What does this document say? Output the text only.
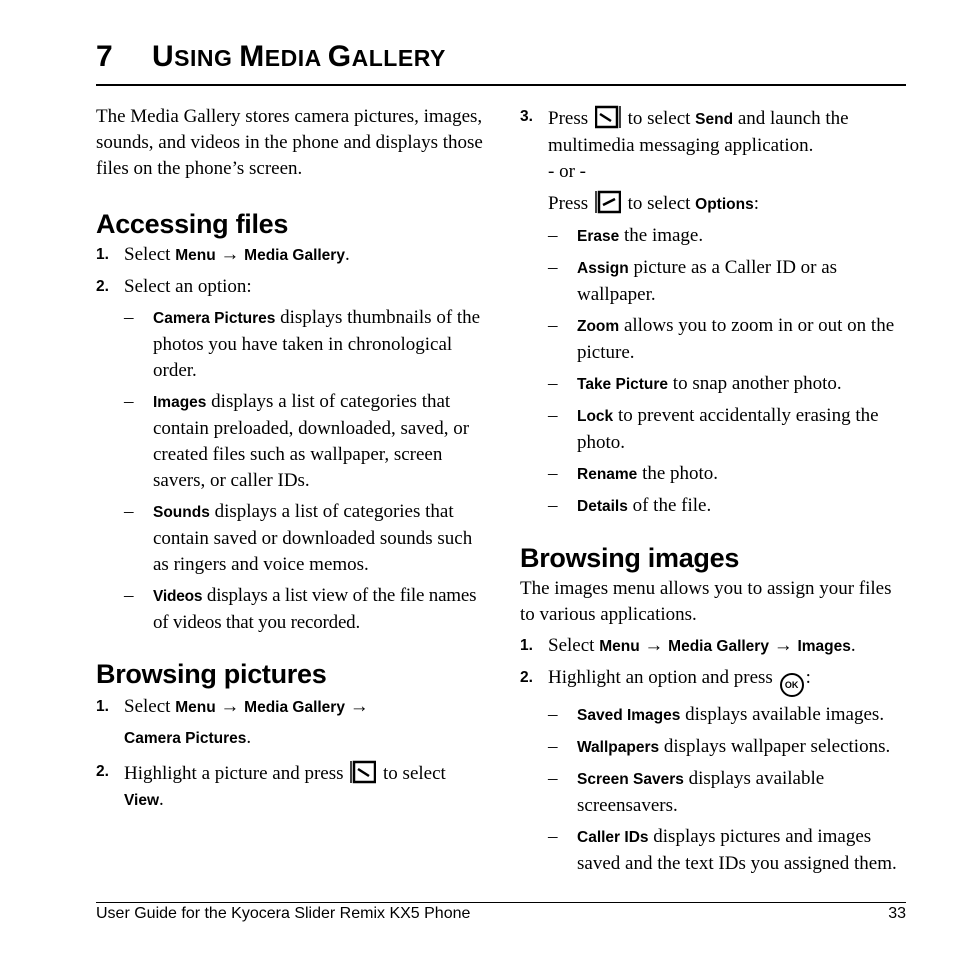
7 USING MEDIA GALLERY

The Media Gallery stores camera pictures, images, sounds, and videos in the phone and displays those files on the phone’s screen.

Accessing files
1. Select Menu → Media Gallery.
2. Select an option:
– Camera Pictures displays thumbnails of the photos you have taken in chronological order.
– Images displays a list of categories that contain preloaded, downloaded, saved, or created files such as wallpaper, screen savers, or caller IDs.
– Sounds displays a list of categories that contain saved or downloaded sounds such as ringers and voice memos.
– Videos displays a list view of the file names of videos that you recorded.
Browsing pictures
1. Select Menu → Media Gallery →
Camera Pictures.
2. Highlight a picture and press  to select View.
3. Press  to select Send and launch the multimedia messaging application.
- or -
Press  to select Options:
– Erase the image.
– Assign picture as a Caller ID or as wallpaper.
– Zoom allows you to zoom in or out on the picture.
– Take Picture to snap another photo.
– Lock to prevent accidentally erasing the photo.
– Rename the photo.
– Details of the file.
Browsing images

The images menu allows you to assign your files to various applications.

1. Select Menu → Media Gallery → Images.
2. Highlight an option and press OK :
– Saved Images displays available images.
– Wallpapers displays wallpaper selections.
– Screen Savers displays available screensavers.
– Caller IDs displays pictures and images saved and the text IDs you assigned them.
User Guide for the Kyocera Slider Remix KX5 Phone	33
